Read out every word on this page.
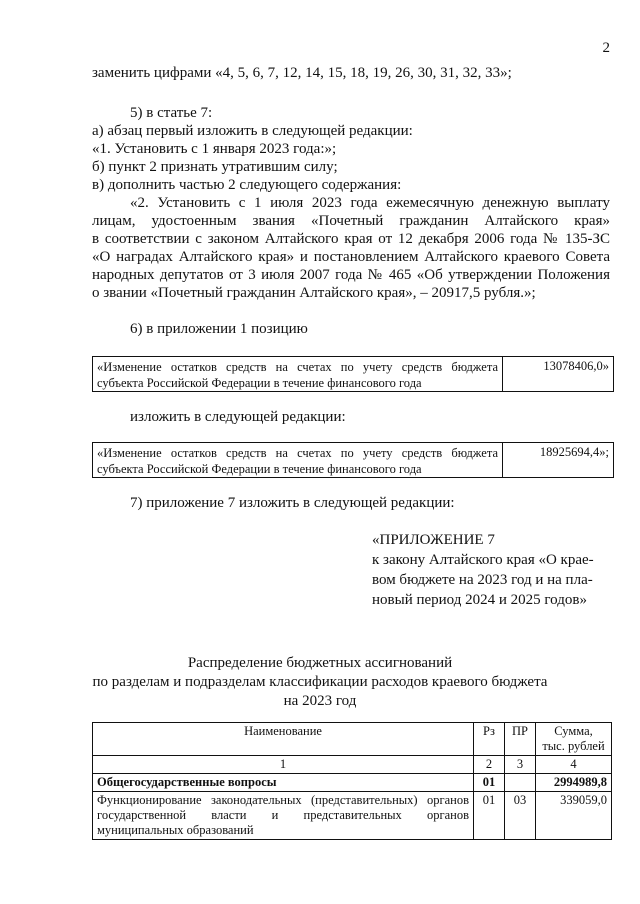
2
заменить цифрами «4, 5, 6, 7, 12, 14, 15, 18, 19, 26, 30, 31, 32, 33»;
5) в статье 7:
а) абзац первый изложить в следующей редакции:
«1. Установить с 1 января 2023 года:»;
б) пункт 2 признать утратившим силу;
в) дополнить частью 2 следующего содержания:
«2. Установить с 1 июля 2023 года ежемесячную денежную выплату
лицам, удостоенным звания «Почетный гражданин Алтайского края»
в соответствии с законом Алтайского края от 12 декабря 2006 года № 135-ЗС
«О наградах Алтайского края» и постановлением Алтайского краевого Совета
народных депутатов от 3 июля 2007 года № 465 «Об утверждении Положения
о звании «Почетный гражданин Алтайского края», – 20917,5 рубля.»;
6) в приложении 1 позицию
«Изменение остатков средств на счетах по учету средств бюджета
субъекта Российской Федерации в течение финансового года
13078406,0»
изложить в следующей редакции:
«Изменение остатков средств на счетах по учету средств бюджета
субъекта Российской Федерации в течение финансового года
18925694,4»;
7) приложение 7 изложить в следующей редакции:
«ПРИЛОЖЕНИЕ 7
к закону Алтайского края «О крае-
вом бюджете на 2023 год и на пла-
новый период 2024 и 2025 годов»
Распределение бюджетных ассигнований
по разделам и подразделам классификации расходов краевого бюджета
на 2023 год
Наименование	Рз	ПР	Сумма,
тыс. рублей

1	2	3	4
Общегосударственные вопросы	01		2994989,8
Функционирование законодательных (представительных) органов государственной власти и представительных органов муниципальных образований	01	03	339059,0
